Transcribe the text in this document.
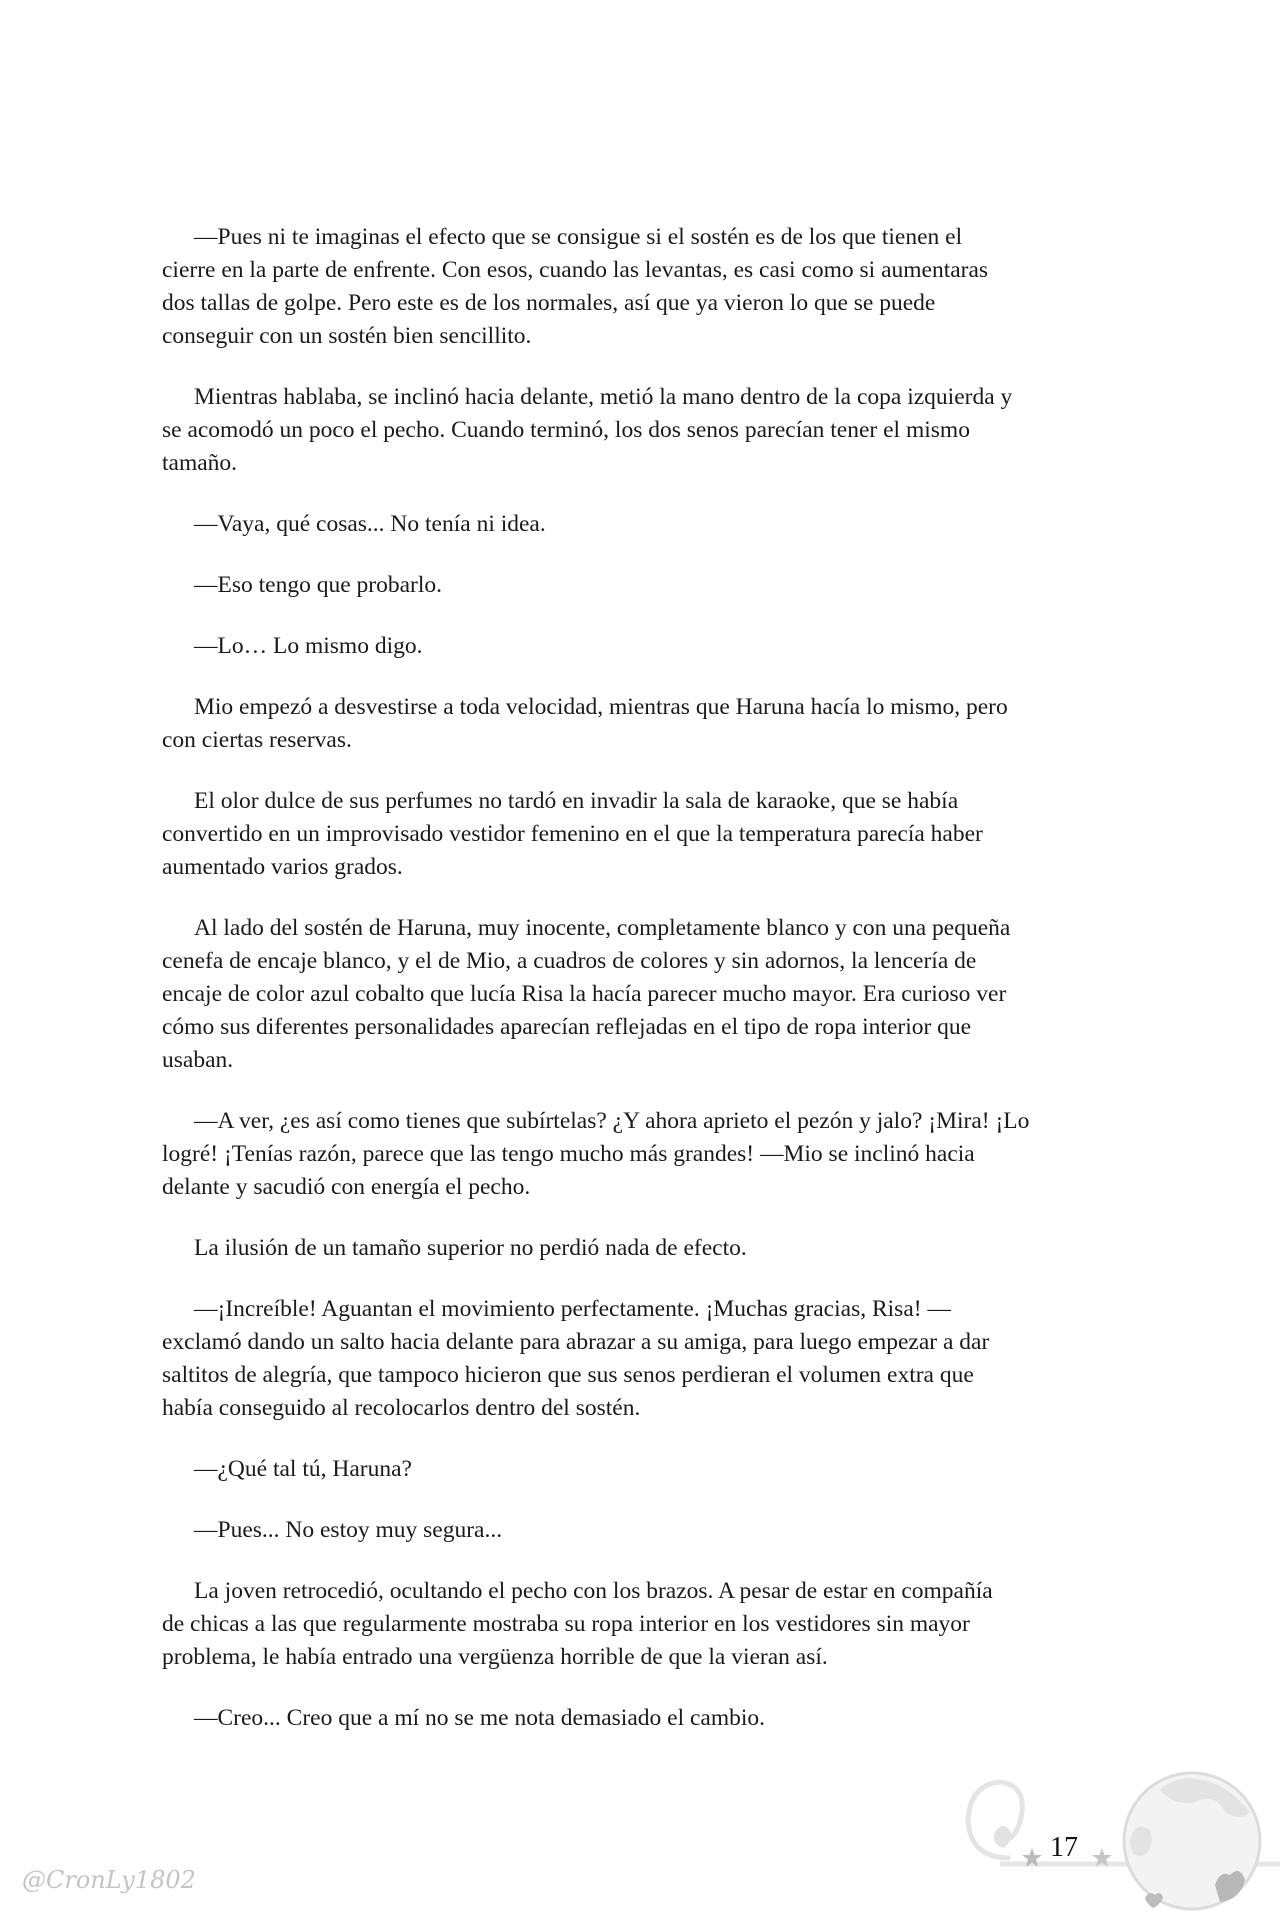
—Pues ni te imaginas el efecto que se consigue si el sostén es de los que tienen el
cierre en la parte de enfrente. Con esos, cuando las levantas, es casi como si aumentaras
dos tallas de golpe. Pero este es de los normales, así que ya vieron lo que se puede
conseguir con un sostén bien sencillito.
Mientras hablaba, se inclinó hacia delante, metió la mano dentro de la copa izquierda y
se acomodó un poco el pecho. Cuando terminó, los dos senos parecían tener el mismo
tamaño.
—Vaya, qué cosas... No tenía ni idea.
—Eso tengo que probarlo.
—Lo… Lo mismo digo.
Mio empezó a desvestirse a toda velocidad, mientras que Haruna hacía lo mismo, pero
con ciertas reservas.
El olor dulce de sus perfumes no tardó en invadir la sala de karaoke, que se había
convertido en un improvisado vestidor femenino en el que la temperatura parecía haber
aumentado varios grados.
Al lado del sostén de Haruna, muy inocente, completamente blanco y con una pequeña
cenefa de encaje blanco, y el de Mio, a cuadros de colores y sin adornos, la lencería de
encaje de color azul cobalto que lucía Risa la hacía parecer mucho mayor. Era curioso ver
cómo sus diferentes personalidades aparecían reflejadas en el tipo de ropa interior que
usaban.
—A ver, ¿es así como tienes que subírtelas? ¿Y ahora aprieto el pezón y jalo? ¡Mira! ¡Lo
logré! ¡Tenías razón, parece que las tengo mucho más grandes! —Mio se inclinó hacia
delante y sacudió con energía el pecho.
La ilusión de un tamaño superior no perdió nada de efecto.
—¡Increíble! Aguantan el movimiento perfectamente. ¡Muchas gracias, Risa! —
exclamó dando un salto hacia delante para abrazar a su amiga, para luego empezar a dar
saltitos de alegría, que tampoco hicieron que sus senos perdieran el volumen extra que
había conseguido al recolocarlos dentro del sostén.
—¿Qué tal tú, Haruna?
—Pues... No estoy muy segura...
La joven retrocedió, ocultando el pecho con los brazos. A pesar de estar en compañía
de chicas a las que regularmente mostraba su ropa interior en los vestidores sin mayor
problema, le había entrado una vergüenza horrible de que la vieran así.
—Creo... Creo que a mí no se me nota demasiado el cambio.
17
@CronLy1802
